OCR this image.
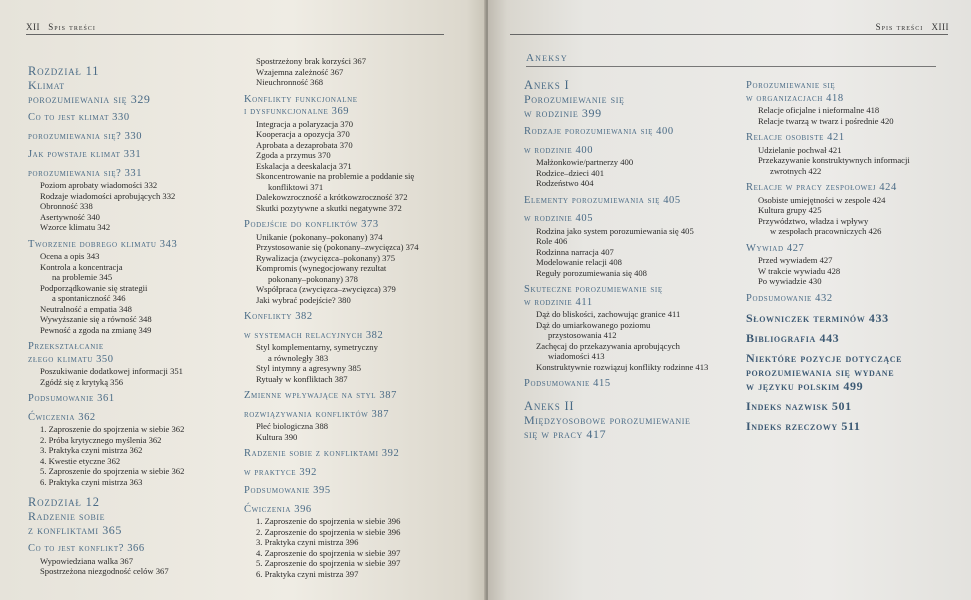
XII Spis treści
Rozdział 11
Klimat
porozumiewania się 329
Co to jest klimat 330
porozumiewania się? 330
Jak powstaje klimat 331
porozumiewania się? 331
Poziom aprobaty wiadomości 332
Rodzaje wiadomości aprobujących 332
Obronność 338
Asertywność 340
Wzorce klimatu 342
Tworzenie dobrego klimatu 343
Ocena a opis 343
Kontrola a koncentracja
na problemie 345
Podporządkowanie się strategii
a spontaniczność 346
Neutralność a empatia 348
Wywyższanie się a równość 348
Pewność a zgoda na zmianę 349
Przekształcanie
złego klimatu 350
Poszukiwanie dodatkowej informacji 351
Zgódź się z krytyką 356
Podsumowanie 361
Ćwiczenia 362
1. Zaproszenie do spojrzenia w siebie 362
2. Próba krytycznego myślenia 362
3. Praktyka czyni mistrza 362
4. Kwestie etyczne 362
5. Zaproszenie do spojrzenia w siebie 362
6. Praktyka czyni mistrza 363
Rozdział 12
Radzenie sobie
z konfliktami 365
Co to jest konflikt? 366
Wypowiedziana walka 367
Spostrzeżona niezgodność celów 367
Spostrzeżony brak korzyści 367
Wzajemna zależność 367
Nieuchronność 368
Konflikty funkcjonalne
i dysfunkcjonalne 369
Integracja a polaryzacja 370
Kooperacja a opozycja 370
Aprobata a dezaprobata 370
Zgoda a przymus 370
Eskalacja a deeskalacja 371
Skoncentrowanie na problemie a poddanie się
konfliktowi 371
Dalekowzroczność a krótkowzroczność 372
Skutki pozytywne a skutki negatywne 372
Podejście do konfliktów 373
Unikanie (pokonany–pokonany) 374
Przystosowanie się (pokonany–zwycięzca) 374
Rywalizacja (zwycięzca–pokonany) 375
Kompromis (wynegocjowany rezultat
pokonany–pokonany) 378
Współpraca (zwycięzca–zwycięzca) 379
Jaki wybrać podejście? 380
Konflikty 382
w systemach relacyjnych 382
Styl komplementarny, symetryczny
a równoległy 383
Styl intymny a agresywny 385
Rytuały w konfliktach 387
Zmienne wpływające na styl 387
rozwiązywania konfliktów 387
Płeć biologiczna 388
Kultura 390
Radzenie sobie z konfliktami 392
w praktyce 392
Podsumowanie 395
Ćwiczenia 396
1. Zaproszenie do spojrzenia w siebie 396
2. Zaproszenie do spojrzenia w siebie 396
3. Praktyka czyni mistrza 396
4. Zaproszenie do spojrzenia w siebie 397
5. Zaproszenie do spojrzenia w siebie 397
6. Praktyka czyni mistrza 397
Spis treści XIII
Aneksy
Aneks I
Porozumiewanie się
w rodzinie 399
Rodzaje porozumiewania się 400
w rodzinie 400
Małżonkowie/partnerzy 400
Rodzice–dzieci 401
Rodzeństwo 404
Elementy porozumiewania się 405
w rodzinie 405
Rodzina jako system porozumiewania się 405
Role 406
Rodzinna narracja 407
Modelowanie relacji 408
Reguły porozumiewania się 408
Skuteczne porozumiewanie się
w rodzinie 411
Dąż do bliskości, zachowując granice 411
Dąż do umiarkowanego poziomu
przystosowania 412
Zachęcaj do przekazywania aprobujących
wiadomości 413
Konstruktywnie rozwiązuj konflikty rodzinne 413
Podsumowanie 415
Aneks II
Międzyosobowe porozumiewanie
się w pracy 417
Porozumiewanie się
w organizacjach 418
Relacje oficjalne i nieformalne 418
Relacje twarzą w twarz i pośrednie 420
Relacje osobiste 421
Udzielanie pochwał 421
Przekazywanie konstruktywnych informacji
zwrotnych 422
Relacje w pracy zespołowej 424
Osobiste umiejętności w zespole 424
Kultura grupy 425
Przywództwo, władza i wpływy
w zespołach pracowniczych 426
Wywiad 427
Przed wywiadem 427
W trakcie wywiadu 428
Po wywiadzie 430
Podsumowanie 432
Słowniczek terminów 433
Bibliografia 443
Niektóre pozycje dotyczące
porozumiewania się wydane
w języku polskim 499
Indeks nazwisk 501
Indeks rzeczowy 511
